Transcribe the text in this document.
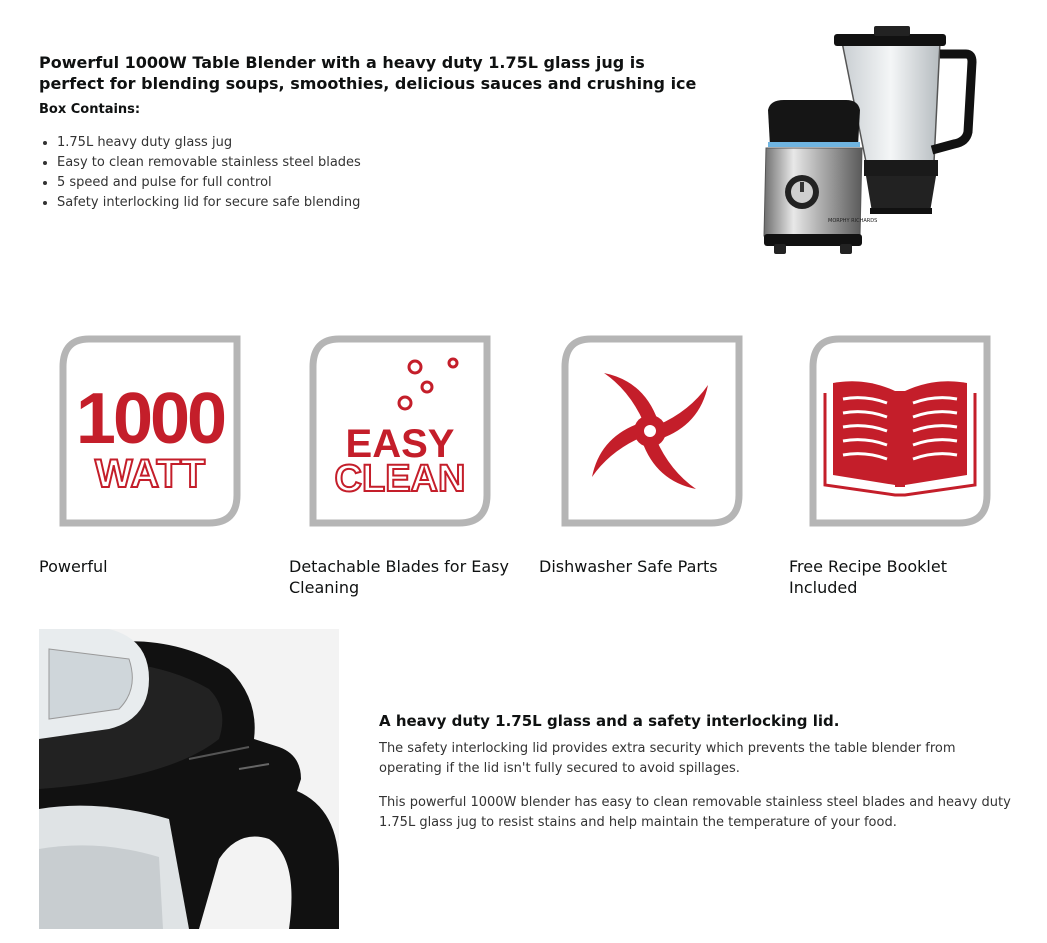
Powerful 1000W Table Blender with a heavy duty 1.75L glass jug is perfect for blending soups, smoothies, delicious sauces and crushing ice
Box Contains:
• 1.75L heavy duty glass jug
• Easy to clean removable stainless steel blades
• 5 speed and pulse for full control
• Safety interlocking lid for secure safe blending
MORPHY RICHARDS
1000
WATT
Powerful
EASY
CLEAN
Detachable Blades for Easy Cleaning
Dishwasher Safe Parts	Free Recipe Booklet Included
A heavy duty 1.75L glass and a safety interlocking lid.

The safety interlocking lid provides extra security which prevents the table blender from operating if the lid isn't fully secured to avoid spillages.

This powerful 1000W blender has easy to clean removable stainless steel blades and heavy duty 1.75L glass jug to resist stains and help maintain the temperature of your food.
